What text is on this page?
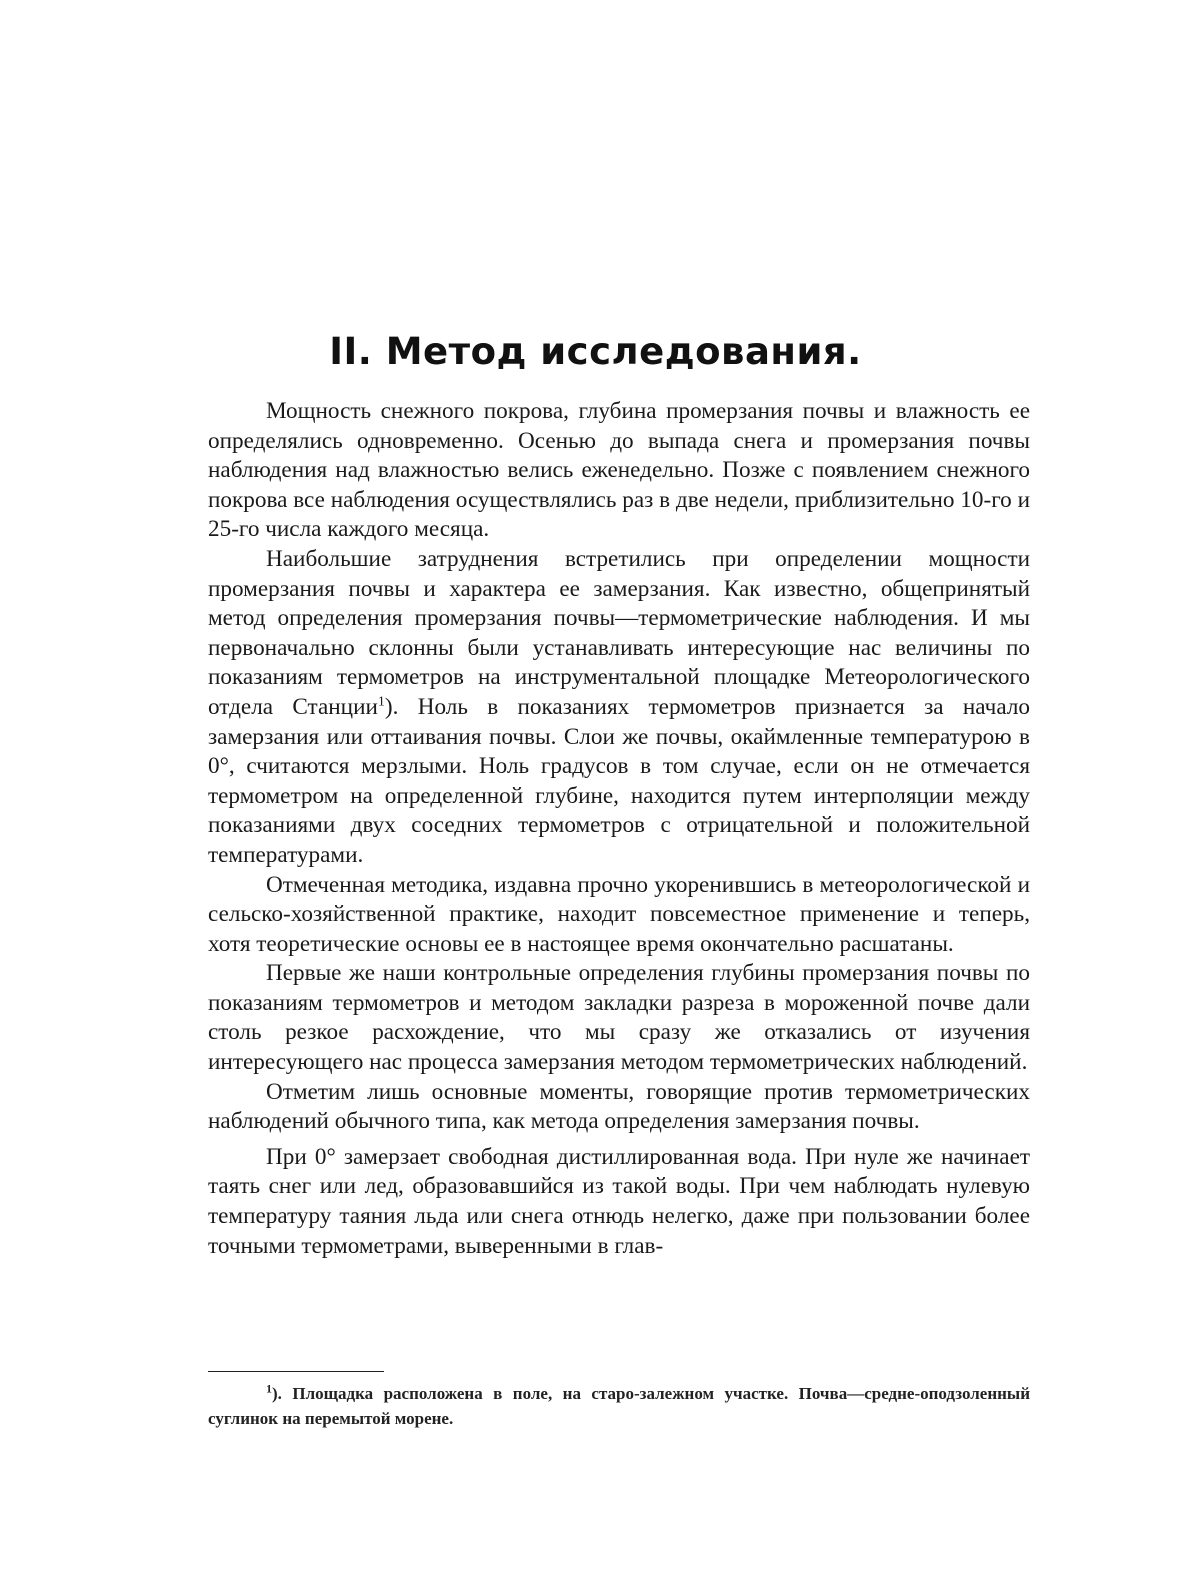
II. Метод исследования.

Мощность снежного покрова, глубина промерзания почвы и влажность ее определялись одновременно. Осенью до выпада снега и промерзания почвы наблюдения над влажностью велись еженедельно. Позже с появлением снежного покрова все наблюдения осуществлялись раз в две недели, приблизительно 10-го и 25-го числа каждого месяца.

Наибольшие затруднения встретились при определении мощности промерзания почвы и характера ее замерзания. Как известно, общепринятый метод определения промерзания почвы—термометрические наблюдения. И мы первоначально склонны были устанавливать интересующие нас величины по показаниям термометров на инструментальной площадке Метеорологического отдела Станции$^1$). Ноль в показаниях термометров признается за начало замерзания или оттаивания почвы. Слои же почвы, окаймленные температурою в 0°, считаются мерзлыми. Ноль градусов в том случае, если он не отмечается термометром на определенной глубине, находится путем интерполяции между показаниями двух соседних термометров с отрицательной и положительной температурами.

Отмеченная методика, издавна прочно укоренившись в метеорологической и сельско-хозяйственной практике, находит повсеместное применение и теперь, хотя теоретические основы ее в настоящее время окончательно расшатаны.

Первые же наши контрольные определения глубины промерзания почвы по показаниям термометров и методом закладки разреза в мороженной почве дали столь резкое расхождение, что мы сразу же отказались от изучения интересующего нас процесса замерзания методом термометрических наблюдений.

Отметим лишь основные моменты, говорящие против термометрических наблюдений обычного типа, как метода определения замерзания почвы.

При 0° замерзает свободная дистиллированная вода. При нуле же начинает таять снег или лед, образовавшийся из такой воды. При чем наблюдать нулевую температуру таяния льда или снега отнюдь нелегко, даже при пользовании более точными термометрами, выверенными в глав-

$^1$). Площадка расположена в поле, на старо-залежном участке. Почва—средне-оподзоленный суглинок на перемытой морене.
